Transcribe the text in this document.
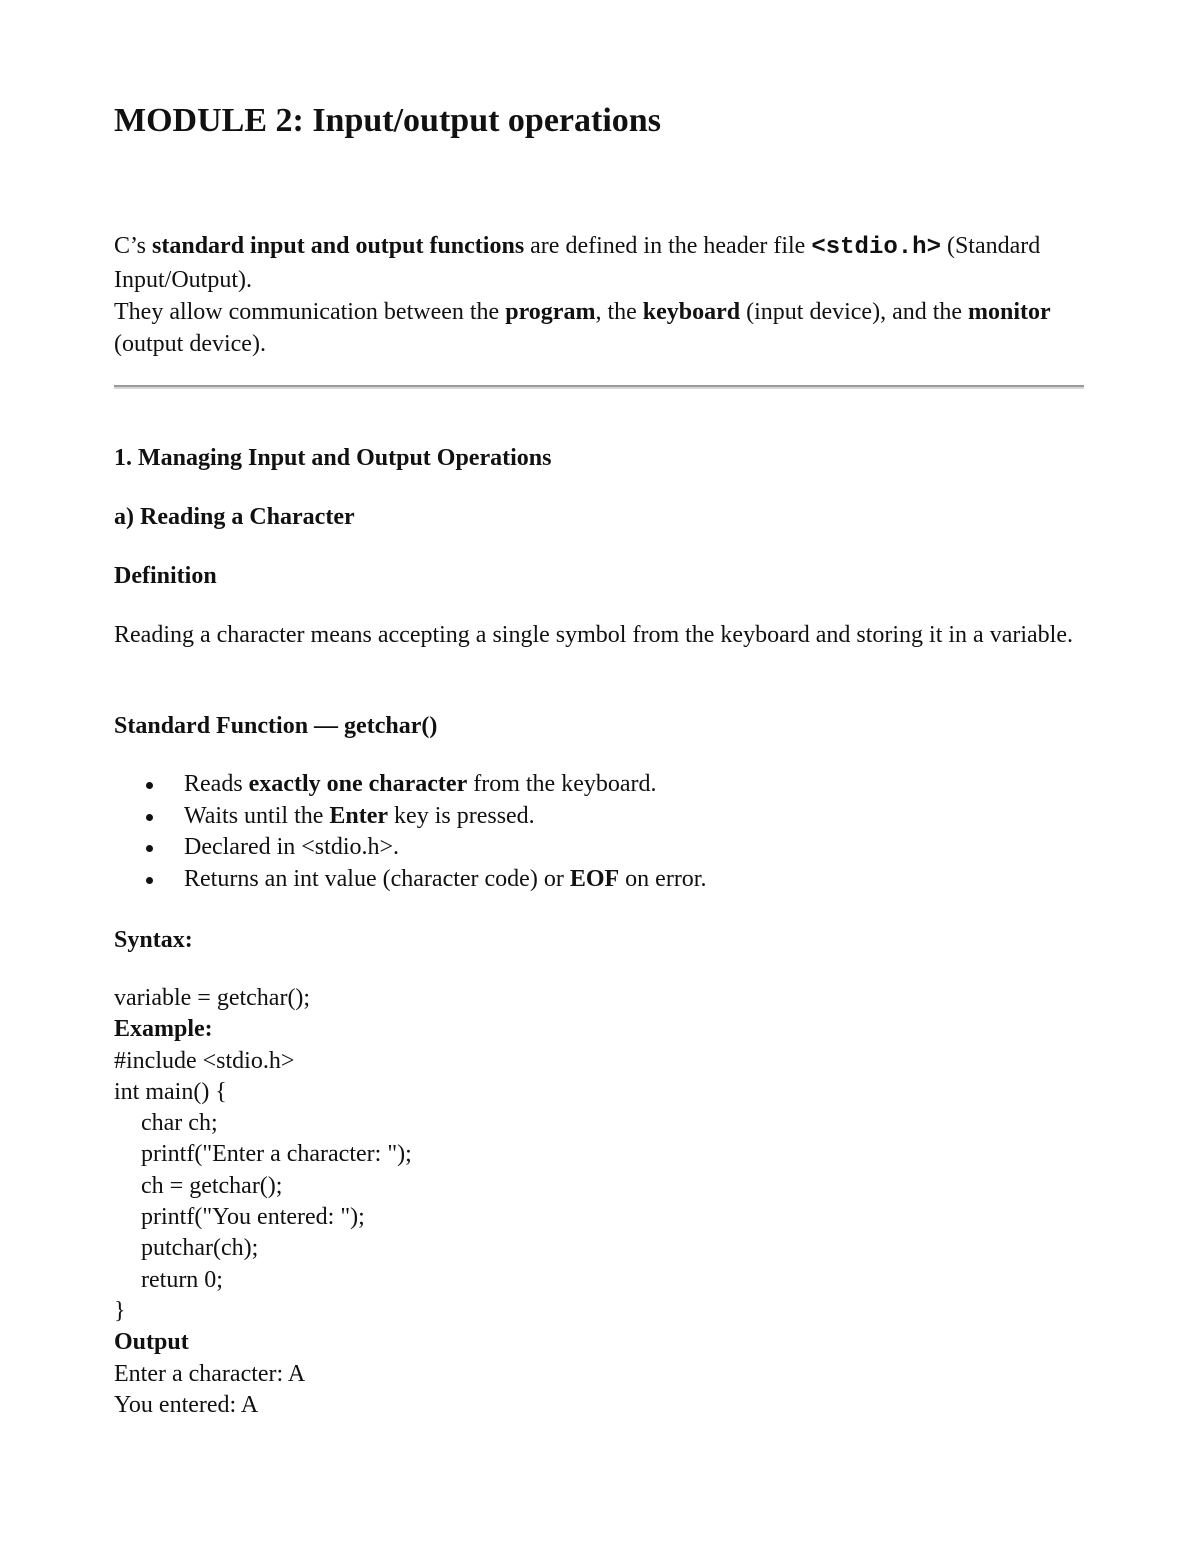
MODULE 2: Input/output operations
C’s standard input and output functions are defined in the header file <stdio.h> (Standard Input/Output).
They allow communication between the program, the keyboard (input device), and the monitor (output device).

1. Managing Input and Output Operations

a) Reading a Character

Definition

Reading a character means accepting a single symbol from the keyboard and storing it in a variable.

Standard Function — getchar()

Reads exactly one character from the keyboard.
Waits until the Enter key is pressed.
Declared in <stdio.h>.
Returns an int value (character code) or EOF on error.

Syntax:

variable = getchar();
Example:
#include <stdio.h>
int main() {
char ch;
printf("Enter a character: ");
ch = getchar();
printf("You entered: ");
putchar(ch);
return 0;
}
Output
Enter a character: A
You entered: A
